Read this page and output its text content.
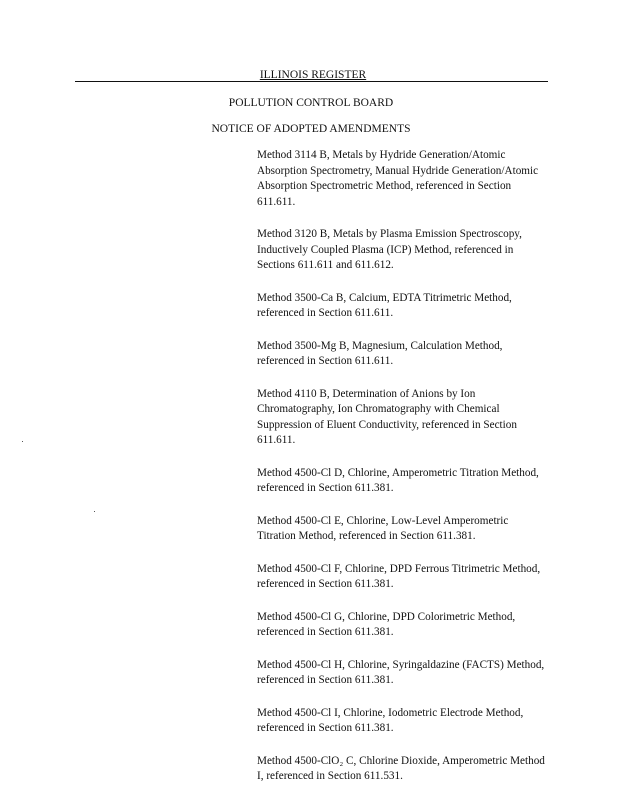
ILLINOIS REGISTER
POLLUTION CONTROL BOARD
NOTICE OF ADOPTED AMENDMENTS
Method 3114 B, Metals by Hydride Generation/Atomic Absorption Spectrometry, Manual Hydride Generation/Atomic Absorption Spectrometric Method, referenced in Section 611.611.
Method 3120 B, Metals by Plasma Emission Spectroscopy, Inductively Coupled Plasma (ICP) Method, referenced in Sections 611.611 and 611.612.
Method 3500-Ca B, Calcium, EDTA Titrimetric Method, referenced in Section 611.611.
Method 3500-Mg B, Magnesium, Calculation Method, referenced in Section 611.611.
Method 4110 B, Determination of Anions by Ion Chromatography, Ion Chromatography with Chemical Suppression of Eluent Conductivity, referenced in Section 611.611.
Method 4500-Cl D, Chlorine, Amperometric Titration Method, referenced in Section 611.381.
Method 4500-Cl E, Chlorine, Low-Level Amperometric Titration Method, referenced in Section 611.381.
Method 4500-Cl F, Chlorine, DPD Ferrous Titrimetric Method, referenced in Section 611.381.
Method 4500-Cl G, Chlorine, DPD Colorimetric Method, referenced in Section 611.381.
Method 4500-Cl H, Chlorine, Syringaldazine (FACTS) Method, referenced in Section 611.381.
Method 4500-Cl I, Chlorine, Iodometric Electrode Method, referenced in Section 611.381.
Method 4500-ClO₂ C, Chlorine Dioxide, Amperometric Method I, referenced in Section 611.531.
